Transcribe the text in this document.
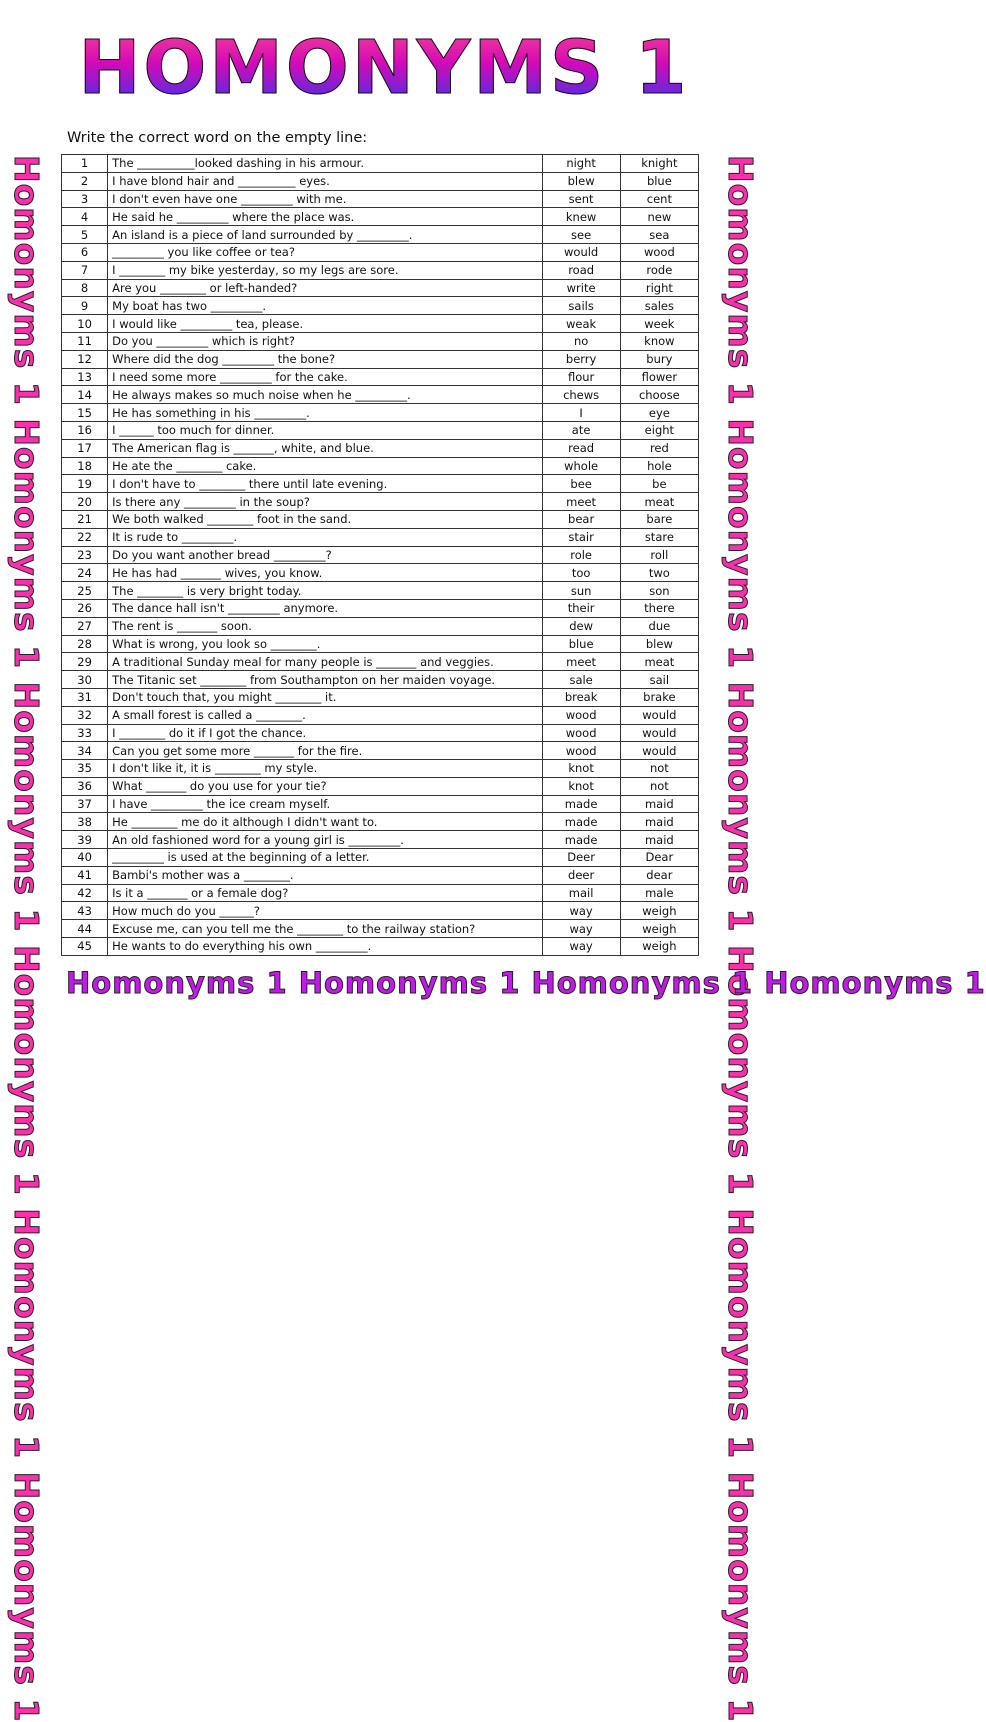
HOMONYMS 1
Write the correct word on the empty line:
Homonyms 1 Homonyms 1 Homonyms 1 Homonyms 1 Homonyms 1 Homonyms 1	Homonyms 1 Homonyms 1 Homonyms 1 Homonyms 1 Homonyms 1 Homonyms 1
1	The __________looked dashing in his armour.	night	knight
2	I have blond hair and __________ eyes.	blew	blue
3	I don't even have one _________ with me.	sent	cent
4	He said he _________ where the place was.	knew	new
5	An island is a piece of land surrounded by _________.	see	sea
6	_________ you like coffee or tea?	would	wood
7	I ________ my bike yesterday, so my legs are sore.	road	rode
8	Are you ________ or left-handed?	write	right
9	My boat has two _________.	sails	sales
10	I would like _________ tea, please.	weak	week
11	Do you _________ which is right?	no	know
12	Where did the dog _________ the bone?	berry	bury
13	I need some more _________ for the cake.	flour	flower
14	He always makes so much noise when he _________.	chews	choose
15	He has something in his _________.	I	eye
16	I ______ too much for dinner.	ate	eight
17	The American flag is _______, white, and blue.	read	red
18	He ate the ________ cake.	whole	hole
19	I don't have to ________ there until late evening.	bee	be
20	Is there any _________ in the soup?	meet	meat
21	We both walked ________ foot in the sand.	bear	bare
22	It is rude to _________.	stair	stare
23	Do you want another bread _________?	role	roll
24	He has had _______ wives, you know.	too	two
25	The ________ is very bright today.	sun	son
26	The dance hall isn't _________ anymore.	their	there
27	The rent is _______ soon.	dew	due
28	What is wrong, you look so ________.	blue	blew
29	A traditional Sunday meal for many people is _______ and veggies.	meet	meat
30	The Titanic set ________ from Southampton on her maiden voyage.	sale	sail
31	Don't touch that, you might ________ it.	break	brake
32	A small forest is called a ________.	wood	would
33	I ________ do it if I got the chance.	wood	would
34	Can you get some more _______ for the fire.	wood	would
35	I don't like it, it is ________ my style.	knot	not
36	What _______ do you use for your tie?	knot	not
37	I have _________ the ice cream myself.	made	maid
38	He ________ me do it although I didn't want to.	made	maid
39	An old fashioned word for a young girl is _________.	made	maid
40	_________ is used at the beginning of a letter.	Deer	Dear
41	Bambi's mother was a ________.	deer	dear
42	Is it a _______ or a female dog?	mail	male
43	How much do you ______?	way	weigh
44	Excuse me, can you tell me the ________ to the railway station?	way	weigh
45	He wants to do everything his own _________.	way	weigh
Homonyms 1 Homonyms 1 Homonyms 1 Homonyms 1
